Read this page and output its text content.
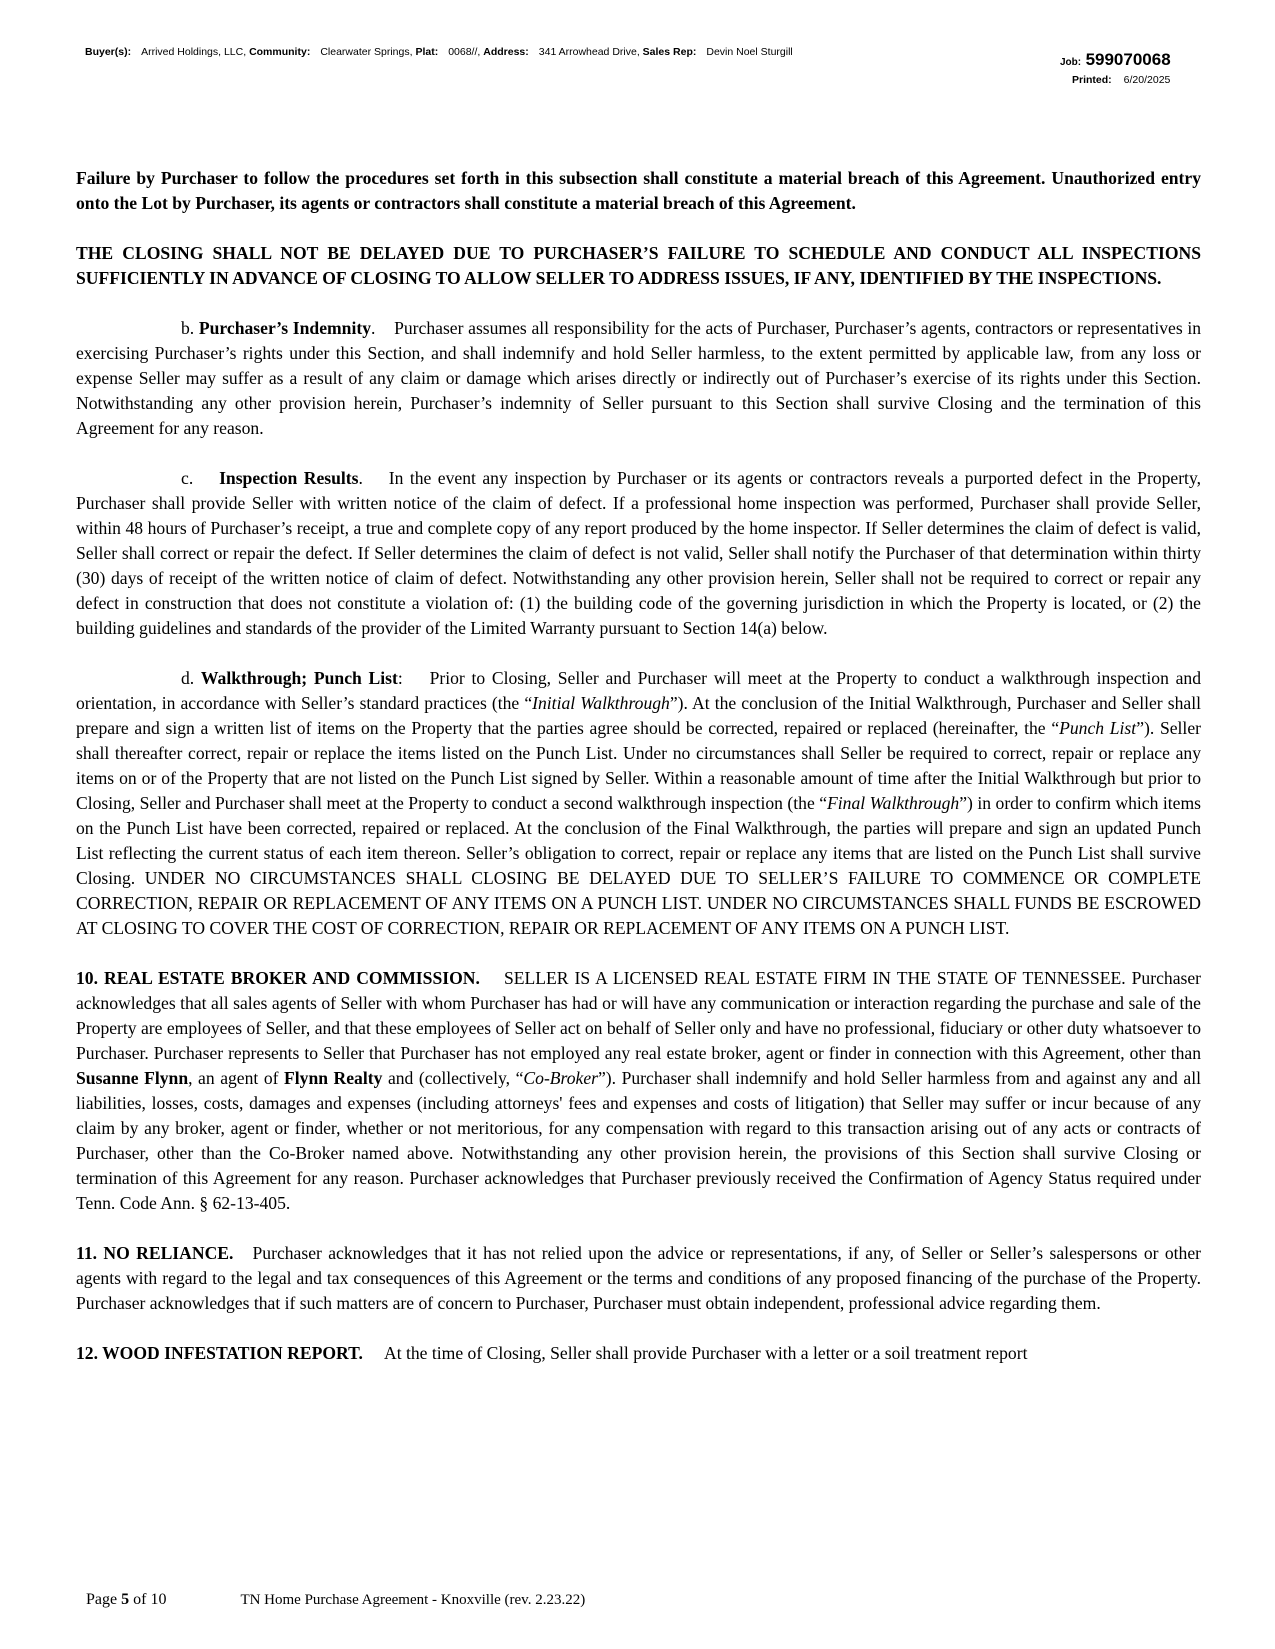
Buyer(s): Arrived Holdings, LLC, Community: Clearwater Springs, Plat: 0068//, Address: 341 Arrowhead Drive, Sales Rep: Devin Noel Sturgill
Job: 599070068
Printed: 6/20/2025

Failure by Purchaser to follow the procedures set forth in this subsection shall constitute a material breach of this Agreement. Unauthorized entry onto the Lot by Purchaser, its agents or contractors shall constitute a material breach of this Agreement.

THE CLOSING SHALL NOT BE DELAYED DUE TO PURCHASER’S FAILURE TO SCHEDULE AND CONDUCT ALL INSPECTIONS SUFFICIENTLY IN ADVANCE OF CLOSING TO ALLOW SELLER TO ADDRESS ISSUES, IF ANY, IDENTIFIED BY THE INSPECTIONS.

b. Purchaser’s Indemnity.    Purchaser assumes all responsibility for the acts of Purchaser, Purchaser’s agents, contractors or representatives in exercising Purchaser’s rights under this Section, and shall indemnify and hold Seller harmless, to the extent permitted by applicable law, from any loss or expense Seller may suffer as a result of any claim or damage which arises directly or indirectly out of Purchaser’s exercise of its rights under this Section. Notwithstanding any other provision herein, Purchaser’s indemnity of Seller pursuant to this Section shall survive Closing and the termination of this Agreement for any reason.

c.    Inspection Results.    In the event any inspection by Purchaser or its agents or contractors reveals a purported defect in the Property, Purchaser shall provide Seller with written notice of the claim of defect. If a professional home inspection was performed, Purchaser shall provide Seller, within 48 hours of Purchaser’s receipt, a true and complete copy of any report produced by the home inspector. If Seller determines the claim of defect is valid, Seller shall correct or repair the defect. If Seller determines the claim of defect is not valid, Seller shall notify the Purchaser of that determination within thirty (30) days of receipt of the written notice of claim of defect. Notwithstanding any other provision herein, Seller shall not be required to correct or repair any defect in construction that does not constitute a violation of: (1) the building code of the governing jurisdiction in which the Property is located, or (2) the building guidelines and standards of the provider of the Limited Warranty pursuant to Section 14(a) below.

d. Walkthrough; Punch List:    Prior to Closing, Seller and Purchaser will meet at the Property to conduct a walkthrough inspection and orientation, in accordance with Seller’s standard practices (the “Initial Walkthrough”). At the conclusion of the Initial Walkthrough, Purchaser and Seller shall prepare and sign a written list of items on the Property that the parties agree should be corrected, repaired or replaced (hereinafter, the “Punch List”). Seller shall thereafter correct, repair or replace the items listed on the Punch List. Under no circumstances shall Seller be required to correct, repair or replace any items on or of the Property that are not listed on the Punch List signed by Seller. Within a reasonable amount of time after the Initial Walkthrough but prior to Closing, Seller and Purchaser shall meet at the Property to conduct a second walkthrough inspection (the “Final Walkthrough”) in order to confirm which items on the Punch List have been corrected, repaired or replaced. At the conclusion of the Final Walkthrough, the parties will prepare and sign an updated Punch List reflecting the current status of each item thereon. Seller’s obligation to correct, repair or replace any items that are listed on the Punch List shall survive Closing. UNDER NO CIRCUMSTANCES SHALL CLOSING BE DELAYED DUE TO SELLER’S FAILURE TO COMMENCE OR COMPLETE CORRECTION, REPAIR OR REPLACEMENT OF ANY ITEMS ON A PUNCH LIST. UNDER NO CIRCUMSTANCES SHALL FUNDS BE ESCROWED AT CLOSING TO COVER THE COST OF CORRECTION, REPAIR OR REPLACEMENT OF ANY ITEMS ON A PUNCH LIST.

10. REAL ESTATE BROKER AND COMMISSION. SELLER IS A LICENSED REAL ESTATE FIRM IN THE STATE OF TENNESSEE. Purchaser acknowledges that all sales agents of Seller with whom Purchaser has had or will have any communication or interaction regarding the purchase and sale of the Property are employees of Seller, and that these employees of Seller act on behalf of Seller only and have no professional, fiduciary or other duty whatsoever to Purchaser. Purchaser represents to Seller that Purchaser has not employed any real estate broker, agent or finder in connection with this Agreement, other than Susanne Flynn, an agent of Flynn Realty and (collectively, “Co-Broker”). Purchaser shall indemnify and hold Seller harmless from and against any and all liabilities, losses, costs, damages and expenses (including attorneys' fees and expenses and costs of litigation) that Seller may suffer or incur because of any claim by any broker, agent or finder, whether or not meritorious, for any compensation with regard to this transaction arising out of any acts or contracts of Purchaser, other than the Co-Broker named above. Notwithstanding any other provision herein, the provisions of this Section shall survive Closing or termination of this Agreement for any reason. Purchaser acknowledges that Purchaser previously received the Confirmation of Agency Status required under Tenn. Code Ann. § 62-13-405.

11. NO RELIANCE. Purchaser acknowledges that it has not relied upon the advice or representations, if any, of Seller or Seller’s salespersons or other agents with regard to the legal and tax consequences of this Agreement or the terms and conditions of any proposed financing of the purchase of the Property. Purchaser acknowledges that if such matters are of concern to Purchaser, Purchaser must obtain independent, professional advice regarding them.

12. WOOD INFESTATION REPORT. At the time of Closing, Seller shall provide Purchaser with a letter or a soil treatment report

Page 5 of 10	TN Home Purchase Agreement - Knoxville (rev. 2.23.22)
